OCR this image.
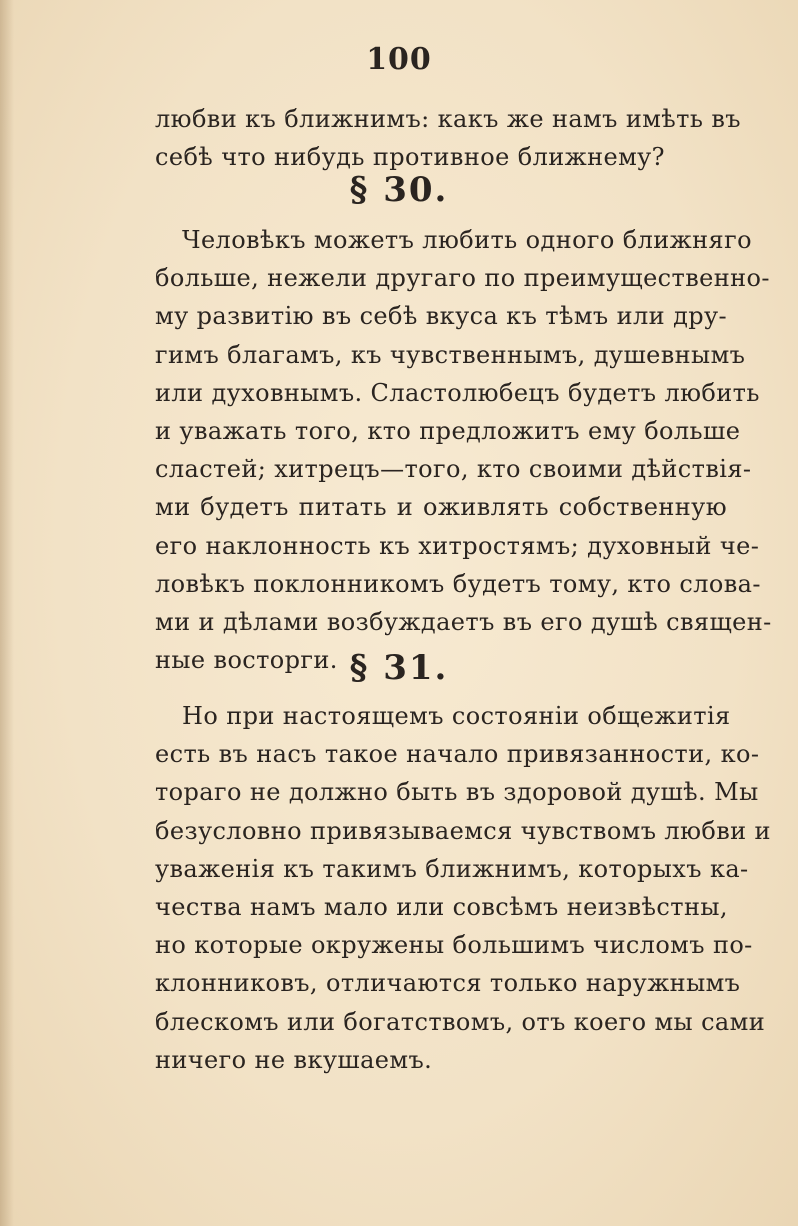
100
любви къ ближнимъ: какъ же намъ имѣть въ
себѣ что нибудь противное ближнему?
§ 30.
Человѣкъ можетъ любить одного ближняго
больше, нежели другаго по преимущественно-
му развитію въ себѣ вкуса къ тѣмъ или дру-
гимъ благамъ, къ чувственнымъ, душевнымъ
или духовнымъ. Сластолюбецъ будетъ любить
и уважать того, кто предложитъ ему больше
сластей; хитрецъ—того, кто своими дѣйствія-
ми будетъ питать и оживлять собственную
его наклонность къ хитростямъ; духовный че-
ловѣкъ поклонникомъ будетъ тому, кто слова-
ми и дѣлами возбуждаетъ въ его душѣ священ-
ные восторги. § 31.
Но при настоящемъ состояніи общежитія
есть въ насъ такое начало привязанности, ко-
тораго не должно быть въ здоровой душѣ. Мы
безусловно привязываемся чувствомъ любви и
уваженія къ такимъ ближнимъ, которыхъ ка-
чества намъ мало или совсѣмъ неизвѣстны,
но которые окружены большимъ числомъ по-
клонниковъ, отличаются только наружнымъ
блескомъ или богатствомъ, отъ коего мы сами
ничего не вкушаемъ.
